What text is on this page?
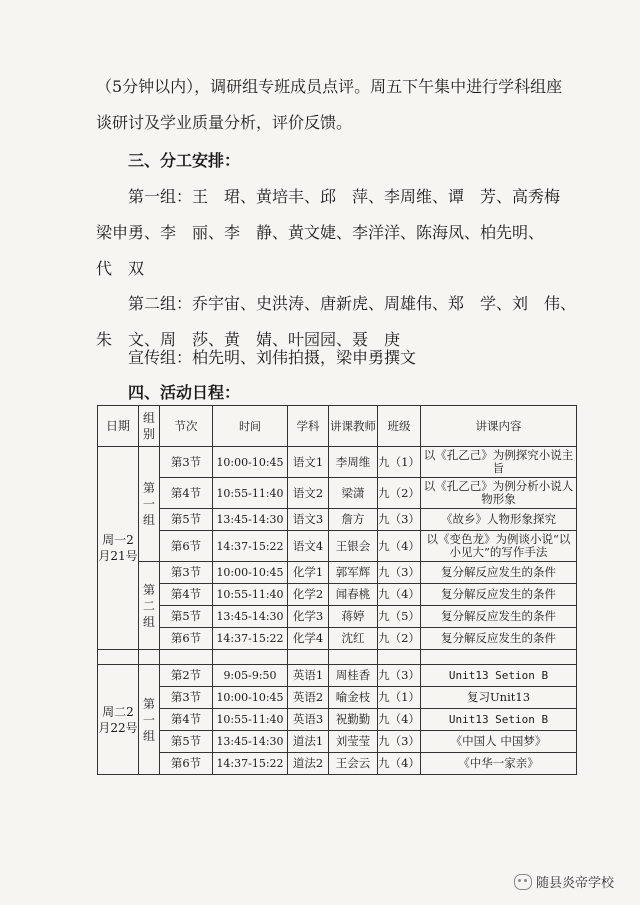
（5分钟以内），调研组专班成员点评。周五下午集中进行学科组座
谈研讨及学业质量分析，评价反馈。
三、分工安排：
第一组：王　珺、黄培丰、邱　萍、李周维、谭　芳、高秀梅
梁申勇、李　丽、李　静、黄文婕、李洋洋、陈海凤、柏先明、
代　双
第二组：乔宇宙、史洪涛、唐新虎、周雄伟、郑　学、刘　伟、
朱　文、周　莎、黄　婧、叶园园、聂　庚
宣传组：柏先明、刘伟拍摄，梁申勇撰文
四、活动日程：
日期	组别	节次	时间	学科	讲课教师	班级	讲课内容
周一2月21号	第一组	第3节	10:00-10:45	语文1	李周维	九（1）	以《孔乙己》为例探究小说主旨
		第4节	10:55-11:40	语文2	梁潇	九（2）	以《孔乙己》为例分析小说人物形象
		第5节	13:45-14:30	语文3	詹方	九（3）	《故乡》人物形象探究
		第6节	14:37-15:22	语文4	王银会	九（4）	以《变色龙》为例谈小说“以小见大”的写作手法
	第二组	第3节	10:00-10:45	化学1	郭军辉	九（3）	复分解反应发生的条件
		第4节	10:55-11:40	化学2	闻春桃	九（4）	复分解反应发生的条件
		第5节	13:45-14:30	化学3	蒋婷	九（5）	复分解反应发生的条件
		第6节	14:37-15:22	化学4	沈红	九（2）	复分解反应发生的条件

周二2月22号	第一组	第2节	9:05-9:50	英语1	周桂香	九（3）	Unit13 Setion B
		第3节	10:00-10:45	英语2	喻金枝	九（1）	复习Unit13
		第4节	10:55-11:40	英语3	祝勤勤	九（4）	Unit13 Setion B
		第5节	13:45-14:30	道法1	刘莹莹	九（3）	《中国人 中国梦》
		第6节	14:37-15:22	道法2	王会云	九（4）	《中华一家亲》
随县炎帝学校
